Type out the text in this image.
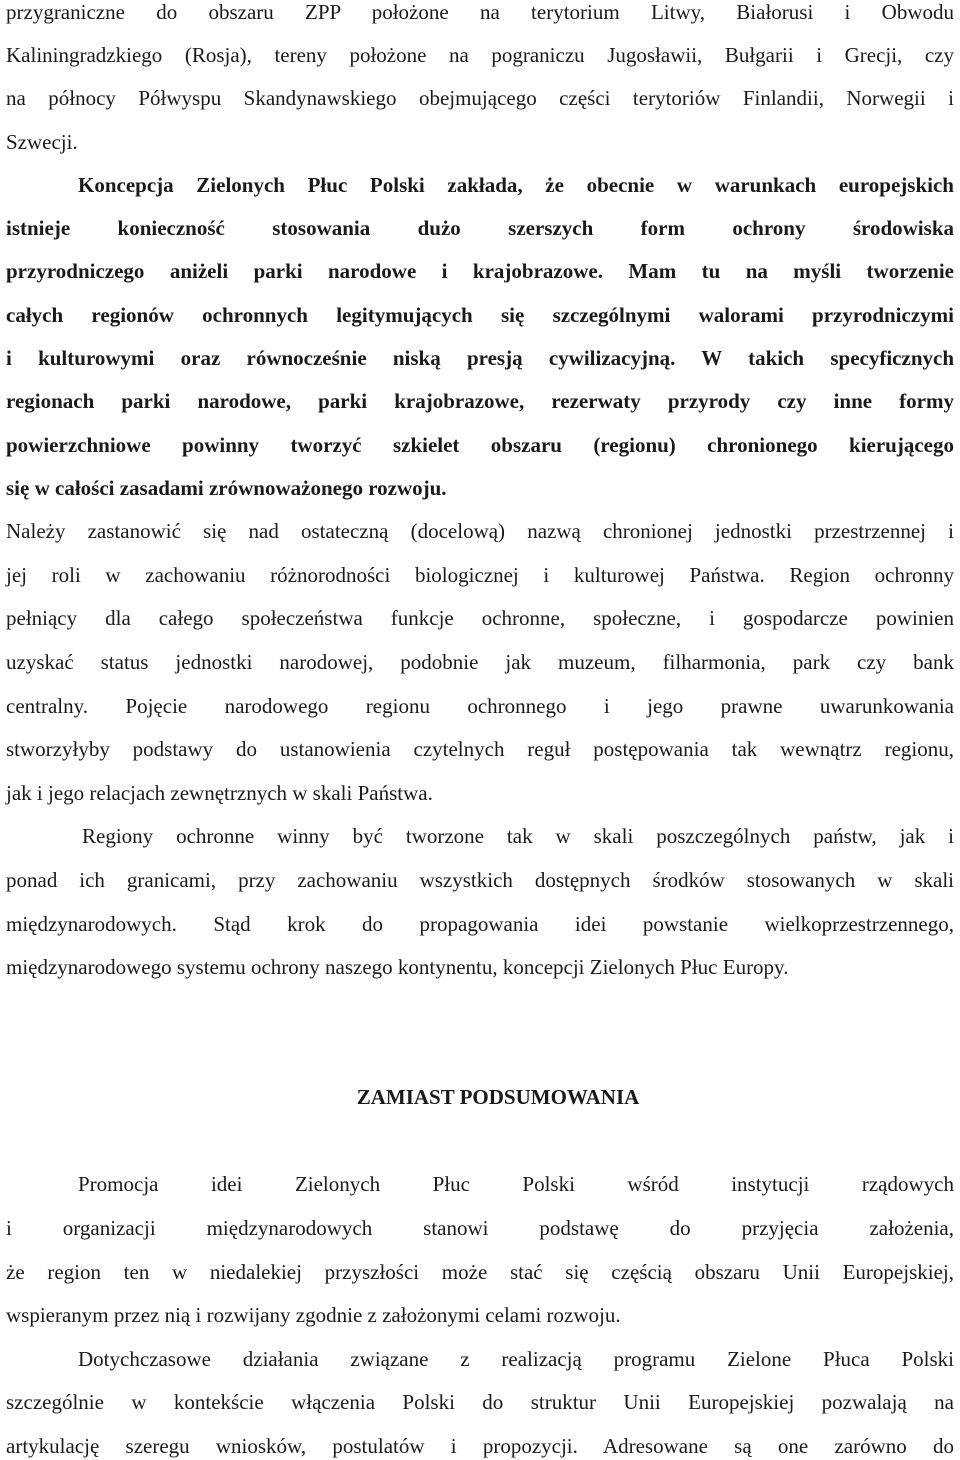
przygraniczne do obszaru ZPP położone na terytorium Litwy, Białorusi i Obwodu
Kaliningradzkiego (Rosja), tereny położone na pograniczu Jugosławii, Bułgarii i Grecji, czy
na północy Półwyspu Skandynawskiego obejmującego części terytoriów Finlandii, Norwegii i
Szwecji.
Koncepcja Zielonych Płuc Polski zakłada, że obecnie w warunkach europejskich
istnieje konieczność stosowania dużo szerszych form ochrony środowiska
przyrodniczego aniżeli parki narodowe i krajobrazowe. Mam tu na myśli tworzenie
całych regionów ochronnych legitymujących się szczególnymi walorami przyrodniczymi
i kulturowymi oraz równocześnie niską presją cywilizacyjną. W takich specyficznych
regionach parki narodowe, parki krajobrazowe, rezerwaty przyrody czy inne formy
powierzchniowe powinny tworzyć szkielet obszaru (regionu) chronionego kierującego
się w całości zasadami zrównoważonego rozwoju.
Należy zastanowić się nad ostateczną (docelową) nazwą chronionej jednostki przestrzennej i
jej roli w zachowaniu różnorodności biologicznej i kulturowej Państwa. Region ochronny
pełniący dla całego społeczeństwa funkcje ochronne, społeczne, i gospodarcze powinien
uzyskać status jednostki narodowej, podobnie jak muzeum, filharmonia, park czy bank
centralny. Pojęcie narodowego regionu ochronnego i jego prawne uwarunkowania
stworzyłyby podstawy do ustanowienia czytelnych reguł postępowania tak wewnątrz regionu,
jak i jego relacjach zewnętrznych w skali Państwa.
Regiony ochronne winny być tworzone tak w skali poszczególnych państw, jak i
ponad ich granicami, przy zachowaniu wszystkich dostępnych środków stosowanych w skali
międzynarodowych. Stąd krok do propagowania idei powstanie wielkoprzestrzennego,
międzynarodowego systemu ochrony naszego kontynentu, koncepcji Zielonych Płuc Europy.
ZAMIAST PODSUMOWANIA
Promocja idei Zielonych Płuc Polski wśród instytucji rządowych
i organizacji międzynarodowych stanowi podstawę do przyjęcia założenia,
że region ten w niedalekiej przyszłości może stać się częścią obszaru Unii Europejskiej,
wspieranym przez nią i rozwijany zgodnie z założonymi celami rozwoju.
Dotychczasowe działania związane z realizacją programu Zielone Płuca Polski
szczególnie w kontekście włączenia Polski do struktur Unii Europejskiej pozwalają na
artykulację szeregu wniosków, postulatów i propozycji. Adresowane są one zarówno do
